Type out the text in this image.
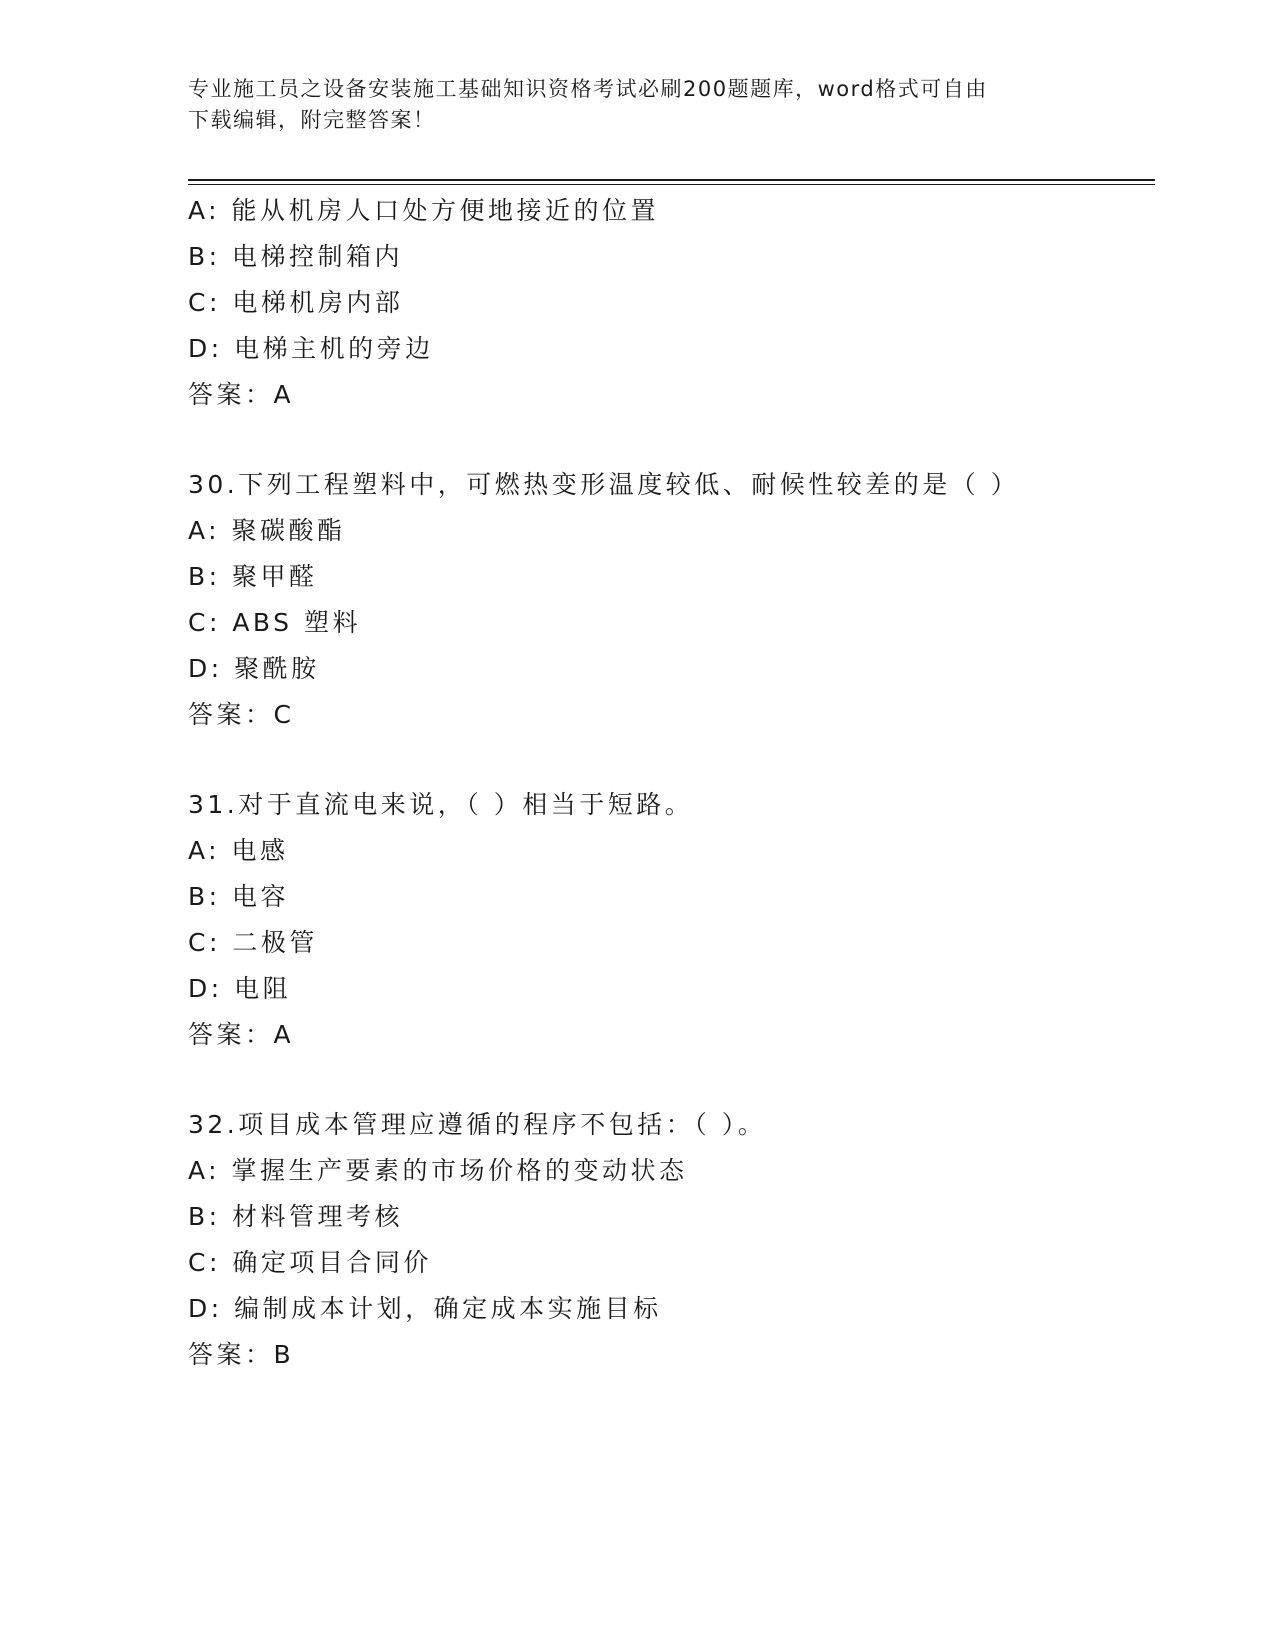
专业施工员之设备安装施工基础知识资格考试必刷200题题库，word格式可自由
下载编辑，附完整答案！
A: 能从机房人口处方便地接近的位置
B: 电梯控制箱内
C: 电梯机房内部
D: 电梯主机的旁边
答案：A
30.下列工程塑料中，可燃热变形温度较低、耐候性较差的是（ ）
A: 聚碳酸酯
B: 聚甲醛
C: ABS 塑料
D: 聚酰胺
答案：C
31.对于直流电来说，（ ）相当于短路。
A: 电感
B: 电容
C: 二极管
D: 电阻
答案：A
32.项目成本管理应遵循的程序不包括：（ ）。
A: 掌握生产要素的市场价格的变动状态
B: 材料管理考核
C: 确定项目合同价
D: 编制成本计划，确定成本实施目标
答案：B
